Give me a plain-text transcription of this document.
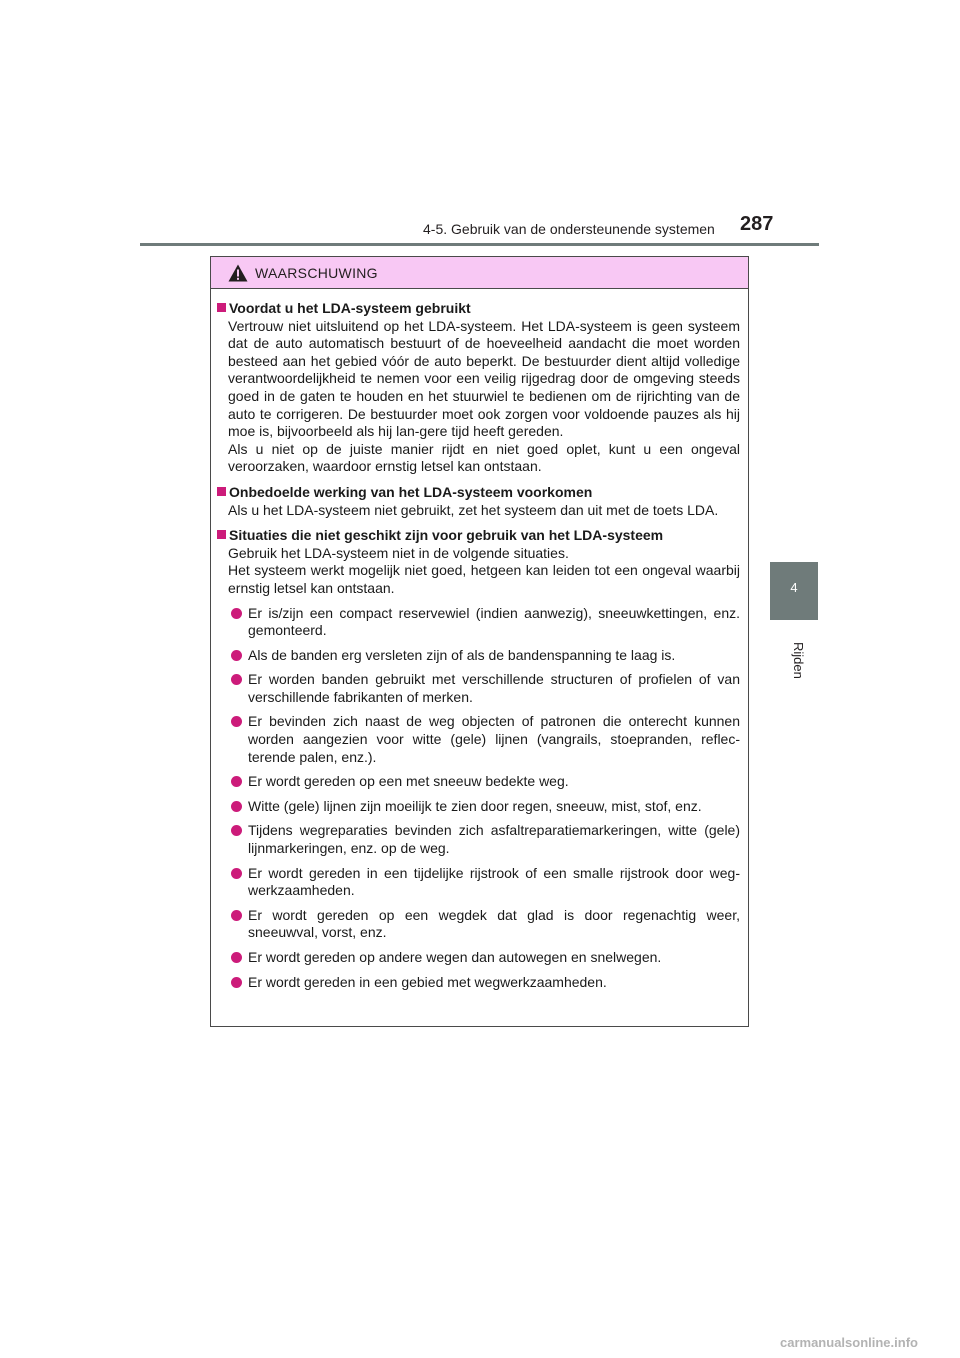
4-5. Gebruik van de ondersteunende systemen 287
4
Rijden
WAARSCHUWING
Voordat u het LDA-systeem gebruikt

Vertrouw niet uitsluitend op het LDA-systeem. Het LDA-systeem is geen systeem dat de auto automatisch bestuurt of de hoeveelheid aandacht die moet worden besteed aan het gebied vóór de auto beperkt. De bestuurder dient altijd volledige verantwoordelijkheid te nemen voor een veilig rijgedrag door de omgeving steeds goed in de gaten te houden en het stuurwiel te bedienen om de rijrichting van de auto te corrigeren. De bestuurder moet ook zorgen voor voldoende pauzes als hij moe is, bijvoorbeeld als hij lan-gere tijd heeft gereden.

Als u niet op de juiste manier rijdt en niet goed oplet, kunt u een ongeval veroorzaken, waardoor ernstig letsel kan ontstaan.

Onbedoelde werking van het LDA-systeem voorkomen

Als u het LDA-systeem niet gebruikt, zet het systeem dan uit met de toets LDA.

Situaties die niet geschikt zijn voor gebruik van het LDA-systeem

Gebruik het LDA-systeem niet in de volgende situaties.

Het systeem werkt mogelijk niet goed, hetgeen kan leiden tot een ongeval waarbij ernstig letsel kan ontstaan.

Er is/zijn een compact reservewiel (indien aanwezig), sneeuwkettingen, enz. gemonteerd.
Als de banden erg versleten zijn of als de bandenspanning te laag is.
Er worden banden gebruikt met verschillende structuren of profielen of van verschillende fabrikanten of merken.
Er bevinden zich naast de weg objecten of patronen die onterecht kunnen worden aangezien voor witte (gele) lijnen (vangrails, stoepranden, reflec-terende palen, enz.).
Er wordt gereden op een met sneeuw bedekte weg.
Witte (gele) lijnen zijn moeilijk te zien door regen, sneeuw, mist, stof, enz.
Tijdens wegreparaties bevinden zich asfaltreparatiemarkeringen, witte (gele) lijnmarkeringen, enz. op de weg.
Er wordt gereden in een tijdelijke rijstrook of een smalle rijstrook door weg-werkzaamheden.
Er wordt gereden op een wegdek dat glad is door regenachtig weer, sneeuwval, vorst, enz.
Er wordt gereden op andere wegen dan autowegen en snelwegen.
Er wordt gereden in een gebied met wegwerkzaamheden.
carmanualsonline.info
